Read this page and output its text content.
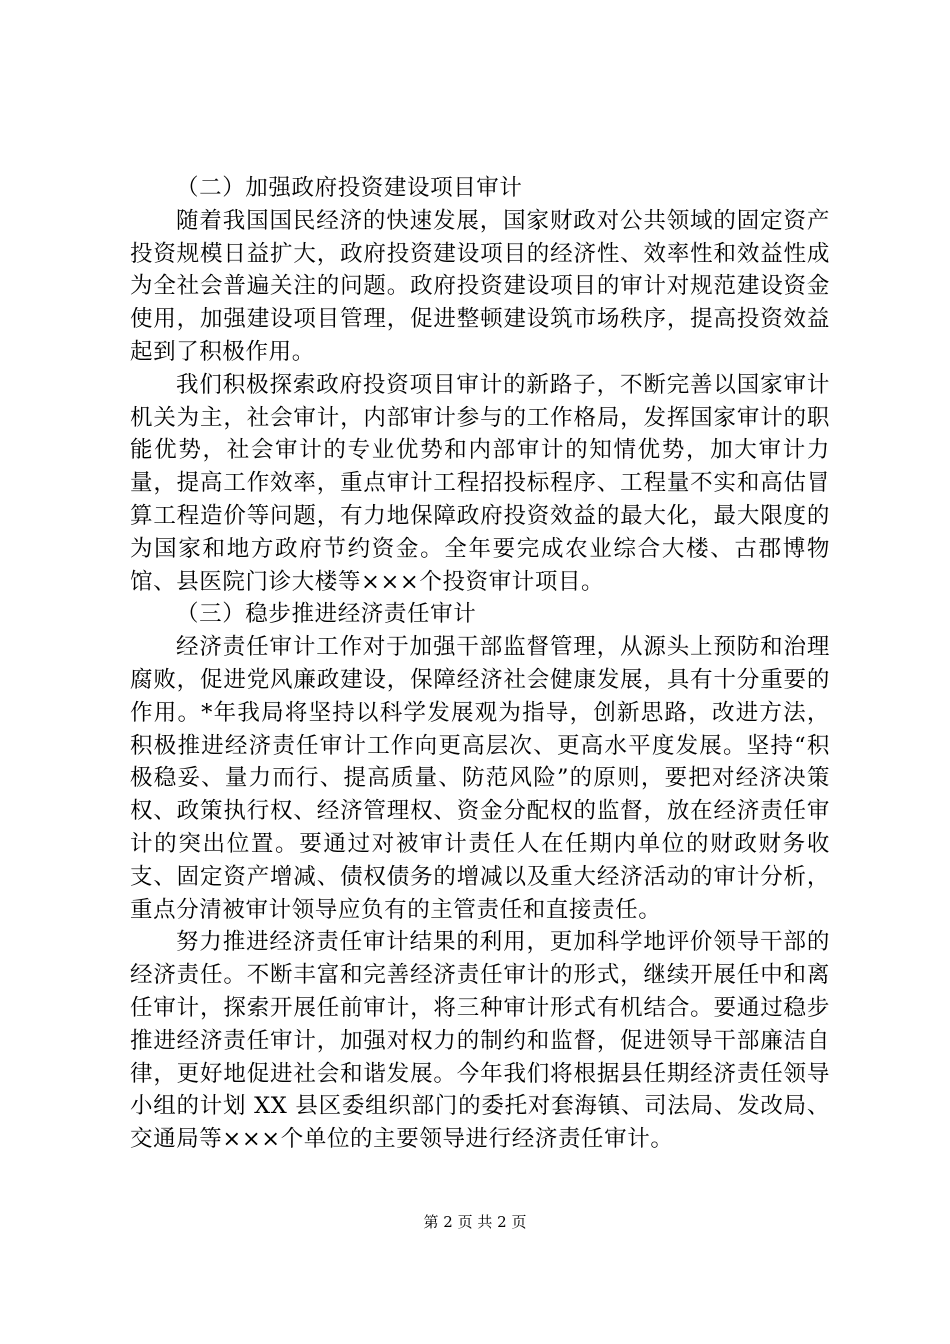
（二）加强政府投资建设项目审计

随着我国国民经济的快速发展，国家财政对公共领域的固定资产投资规模日益扩大，政府投资建设项目的经济性、效率性和效益性成为全社会普遍关注的问题。政府投资建设项目的审计对规范建设资金使用，加强建设项目管理，促进整顿建设筑市场秩序，提高投资效益起到了积极作用。

我们积极探索政府投资项目审计的新路子，不断完善以国家审计机关为主，社会审计，内部审计参与的工作格局，发挥国家审计的职能优势，社会审计的专业优势和内部审计的知情优势，加大审计力量，提高工作效率，重点审计工程招投标程序、工程量不实和高估冒算工程造价等问题，有力地保障政府投资效益的最大化，最大限度的为国家和地方政府节约资金。全年要完成农业综合大楼、古郡博物馆、县医院门诊大楼等×××个投资审计项目。

（三）稳步推进经济责任审计

经济责任审计工作对于加强干部监督管理，从源头上预防和治理腐败，促进党风廉政建设，保障经济社会健康发展，具有十分重要的作用。*年我局将坚持以科学发展观为指导，创新思路，改进方法，积极推进经济责任审计工作向更高层次、更高水平度发展。坚持“积极稳妥、量力而行、提高质量、防范风险”的原则，要把对经济决策权、政策执行权、经济管理权、资金分配权的监督，放在经济责任审计的突出位置。要通过对被审计责任人在任期内单位的财政财务收支、固定资产增减、债权债务的增减以及重大经济活动的审计分析，重点分清被审计领导应负有的主管责任和直接责任。

努力推进经济责任审计结果的利用，更加科学地评价领导干部的经济责任。不断丰富和完善经济责任审计的形式，继续开展任中和离任审计，探索开展任前审计，将三种审计形式有机结合。要通过稳步推进经济责任审计，加强对权力的制约和监督，促进领导干部廉洁自律，更好地促进社会和谐发展。今年我们将根据县任期经济责任领导小组的计划 XX 县区委组织部门的委托对套海镇、司法局、发改局、交通局等×××个单位的主要领导进行经济责任审计。

第 2 页 共 2 页
